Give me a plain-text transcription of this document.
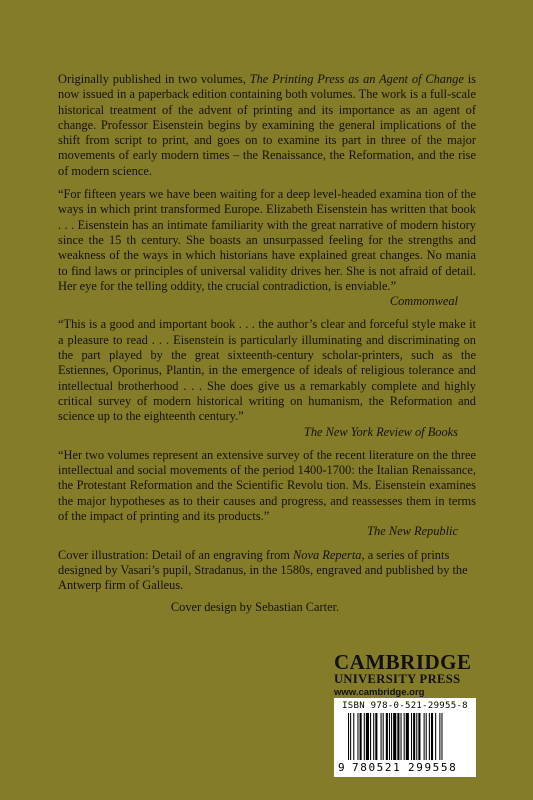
Originally published in two volumes, The Printing Press as an Agent of Change is now issued in a paperback edition containing both volumes. The work is a full-scale historical treatment of the advent of printing and its importance as an agent of change. Professor Eisenstein begins by examining the general implications of the shift from script to print, and goes on to examine its part in three of the major movements of early modern times – the Renaissance, the Reformation, and the rise of modern science.

“For fifteen years we have been waiting for a deep level-headed examina tion of the ways in which print transformed Europe. Elizabeth Eisenstein has written that book . . . Eisenstein has an intimate familiarity with the great narrative of modern history since the 15 th century. She boasts an unsurpassed feeling for the strengths and weakness of the ways in which historians have explained great changes. No mania to find laws or principles of universal validity drives her. She is not afraid of detail. Her eye for the telling oddity, the crucial contradiction, is enviable.”
Commonweal

“This is a good and important book . . . the author’s clear and forceful style make it a pleasure to read . . . Eisenstein is particularly illuminating and discriminating on the part played by the great sixteenth-century scholar-printers, such as the Estiennes, Oporinus, Plantin, in the emergence of ideals of religious tolerance and intellectual brotherhood . . . She does give us a remarkably complete and highly critical survey of modern historical writing on humanism, the Reformation and science up to the eighteenth century.”
The New York Review of Books

“Her two volumes represent an extensive survey of the recent literature on the three intellectual and social movements of the period 1400-1700: the Italian Renaissance, the Protestant Reformation and the Scientific Revolu tion. Ms. Eisenstein examines the major hypotheses as to their causes and progress, and reassesses them in terms of the impact of printing and its products.”
The New Republic

Cover illustration: Detail of an engraving from Nova Reperta, a series of prints designed by Vasari’s pupil, Stradanus, in the 1580s, engraved and published by the Antwerp firm of Galleus.

Cover design by Sebastian Carter.

CAMBRIDGE
UNIVERSITY PRESS
www.cambridge.org
ISBN 978-0-521-29955-8
9 780521 299558
